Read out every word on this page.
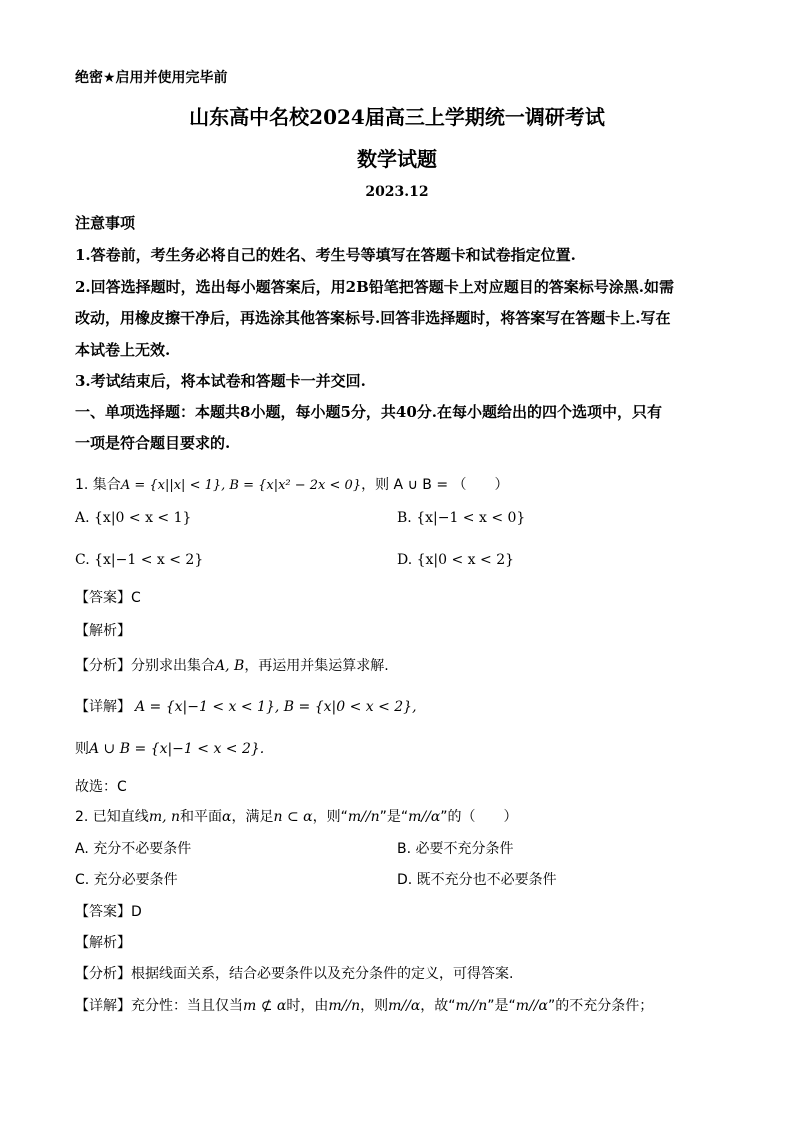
绝密★启用并使用完毕前
山东高中名校2024届高三上学期统一调研考试
数学试题
2023.12
注意事项
1.答卷前，考生务必将自己的姓名、考生号等填写在答题卡和试卷指定位置.
2.回答选择题时，选出每小题答案后，用2B铅笔把答题卡上对应题目的答案标号涂黑.如需
改动，用橡皮擦干净后，再选涂其他答案标号.回答非选择题时，将答案写在答题卡上.写在
本试卷上无效.
3.考试结束后，将本试卷和答题卡一并交回.
一、单项选择题：本题共8小题，每小题5分，共40分.在每小题给出的四个选项中，只有
一项是符合题目要求的.
1. 集合A = {x||x| < 1}, B = {x|x² − 2x < 0}，则 A ∪ B = （　　）
A. {x|0 < x < 1}	B. {x|−1 < x < 0}
C. {x|−1 < x < 2}	D. {x|0 < x < 2}
【答案】C
【解析】
【分析】分别求出集合A, B，再运用并集运算求解.
【详解】 A = {x|−1 < x < 1}, B = {x|0 < x < 2},
则A ∪ B = {x|−1 < x < 2}.
故选：C
2. 已知直线m, n和平面α，满足n ⊂ α，则“m//n”是“m//α”的（　　）
A. 充分不必要条件	B. 必要不充分条件
C. 充分必要条件	D. 既不充分也不必要条件
【答案】D
【解析】
【分析】根据线面关系，结合必要条件以及充分条件的定义，可得答案.
【详解】充分性：当且仅当m ⊄ α时，由m//n，则m//α，故“m//n”是“m//α”的不充分条件；
